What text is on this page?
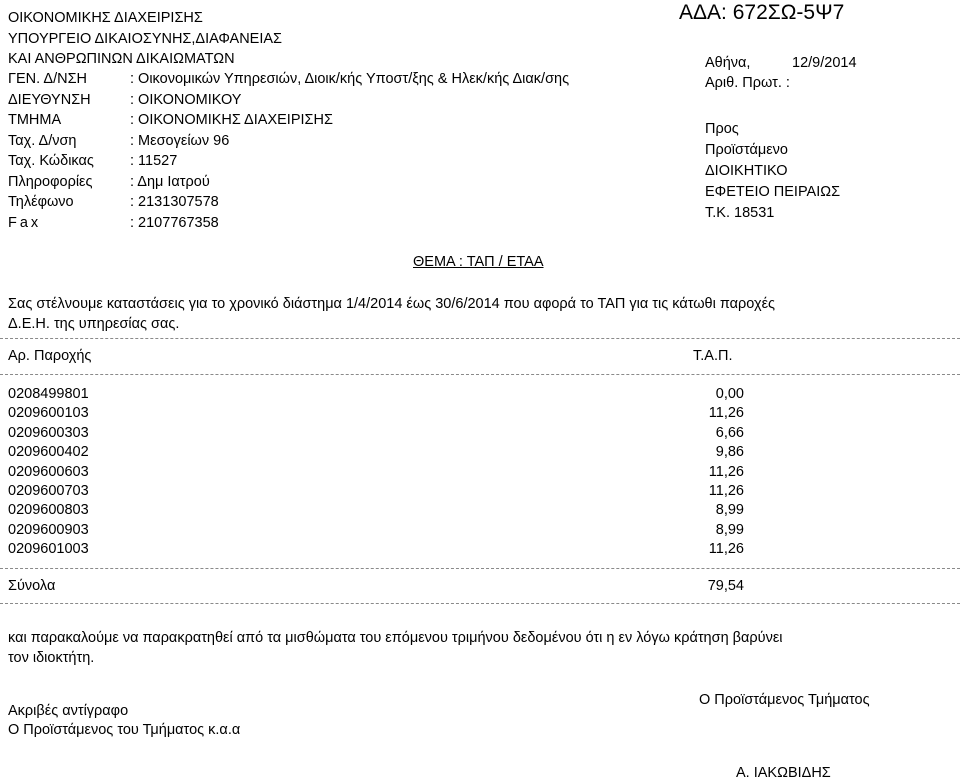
ΟΙΚΟΝΟΜΙΚΗΣ ΔΙΑΧΕΙΡΙΣΗΣ
ΥΠΟΥΡΓΕΙΟ ΔΙΚΑΙΟΣΥΝΗΣ,ΔΙΑΦΑΝΕΙΑΣ
ΚΑΙ ΑΝΘΡΩΠΙΝΩΝ ΔΙΚΑΙΩΜΑΤΩΝ
ΑΔΑ: 672ΣΩ-5Ψ7
ΓΕΝ. Δ/ΝΣΗ	: Οικονομικών Υπηρεσιών, Διοικ/κής Υποστ/ξης & Ηλεκ/κής Διακ/σης
ΔΙΕΥΘΥΝΣΗ	: ΟΙΚΟΝΟΜΙΚΟΥ
ΤΜΗΜΑ	: ΟΙΚΟΝΟΜΙΚΗΣ ΔΙΑΧΕΙΡΙΣΗΣ
Ταχ. Δ/νση	: Μεσογείων 96
Ταχ. Κώδικας	: 11527
Πληροφορίες	: Δημ Ιατρού
Τηλέφωνο	: 2131307578
Fax	: 2107767358
Αθήνα,	12/9/2014
Αριθ. Πρωτ. :
Προς
Προϊστάμενο
ΔΙΟΙΚΗΤΙΚΟ
ΕΦΕΤΕΙΟ ΠΕΙΡΑΙΩΣ
Τ.Κ. 18531
ΘΕΜΑ : ΤΑΠ / ΕΤΑΑ
Σας στέλνουμε καταστάσεις για το χρονικό διάστημα 1/4/2014 έως 30/6/2014 που αφορά το ΤΑΠ για τις κάτωθι παροχές
Δ.Ε.Η. της υπηρεσίας σας.
Αρ. Παροχής	Τ.Α.Π.
0208499801	0,00
0209600103	11,26
0209600303	6,66
0209600402	9,86
0209600603	11,26
0209600703	11,26
0209600803	8,99
0209600903	8,99
0209601003	11,26
Σύνολα	79,54
και παρακαλούμε να παρακρατηθεί από τα μισθώματα του επόμενου τριμήνου δεδομένου ότι η εν λόγω κράτηση βαρύνει
τον ιδιοκτήτη.
Ο Προϊστάμενος Τμήματος
Ακριβές αντίγραφο
Ο Προϊστάμενος του Τμήματος κ.α.α
Α. ΙΑΚΩΒΙΔΗΣ
